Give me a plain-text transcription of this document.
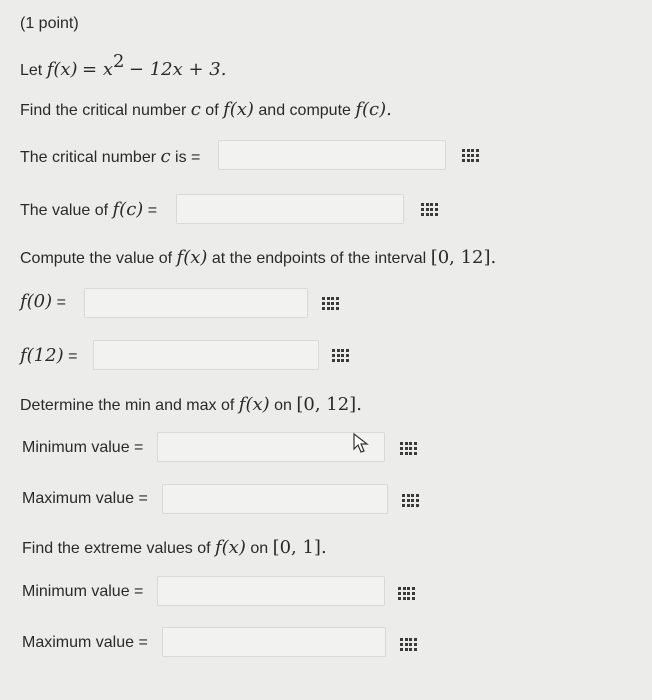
(1 point)
Let $f(x) = x^2 - 12x + 3$.
Find the critical number c of f(x) and compute f(c).
The critical number c is =
The value of f(c) =
Compute the value of f(x) at the endpoints of the interval [0, 12].
f(0) =
f(12) =
Determine the min and max of f(x) on [0, 12].
Minimum value =
Maximum value =
Find the extreme values of f(x) on [0, 1].
Minimum value =
Maximum value =
